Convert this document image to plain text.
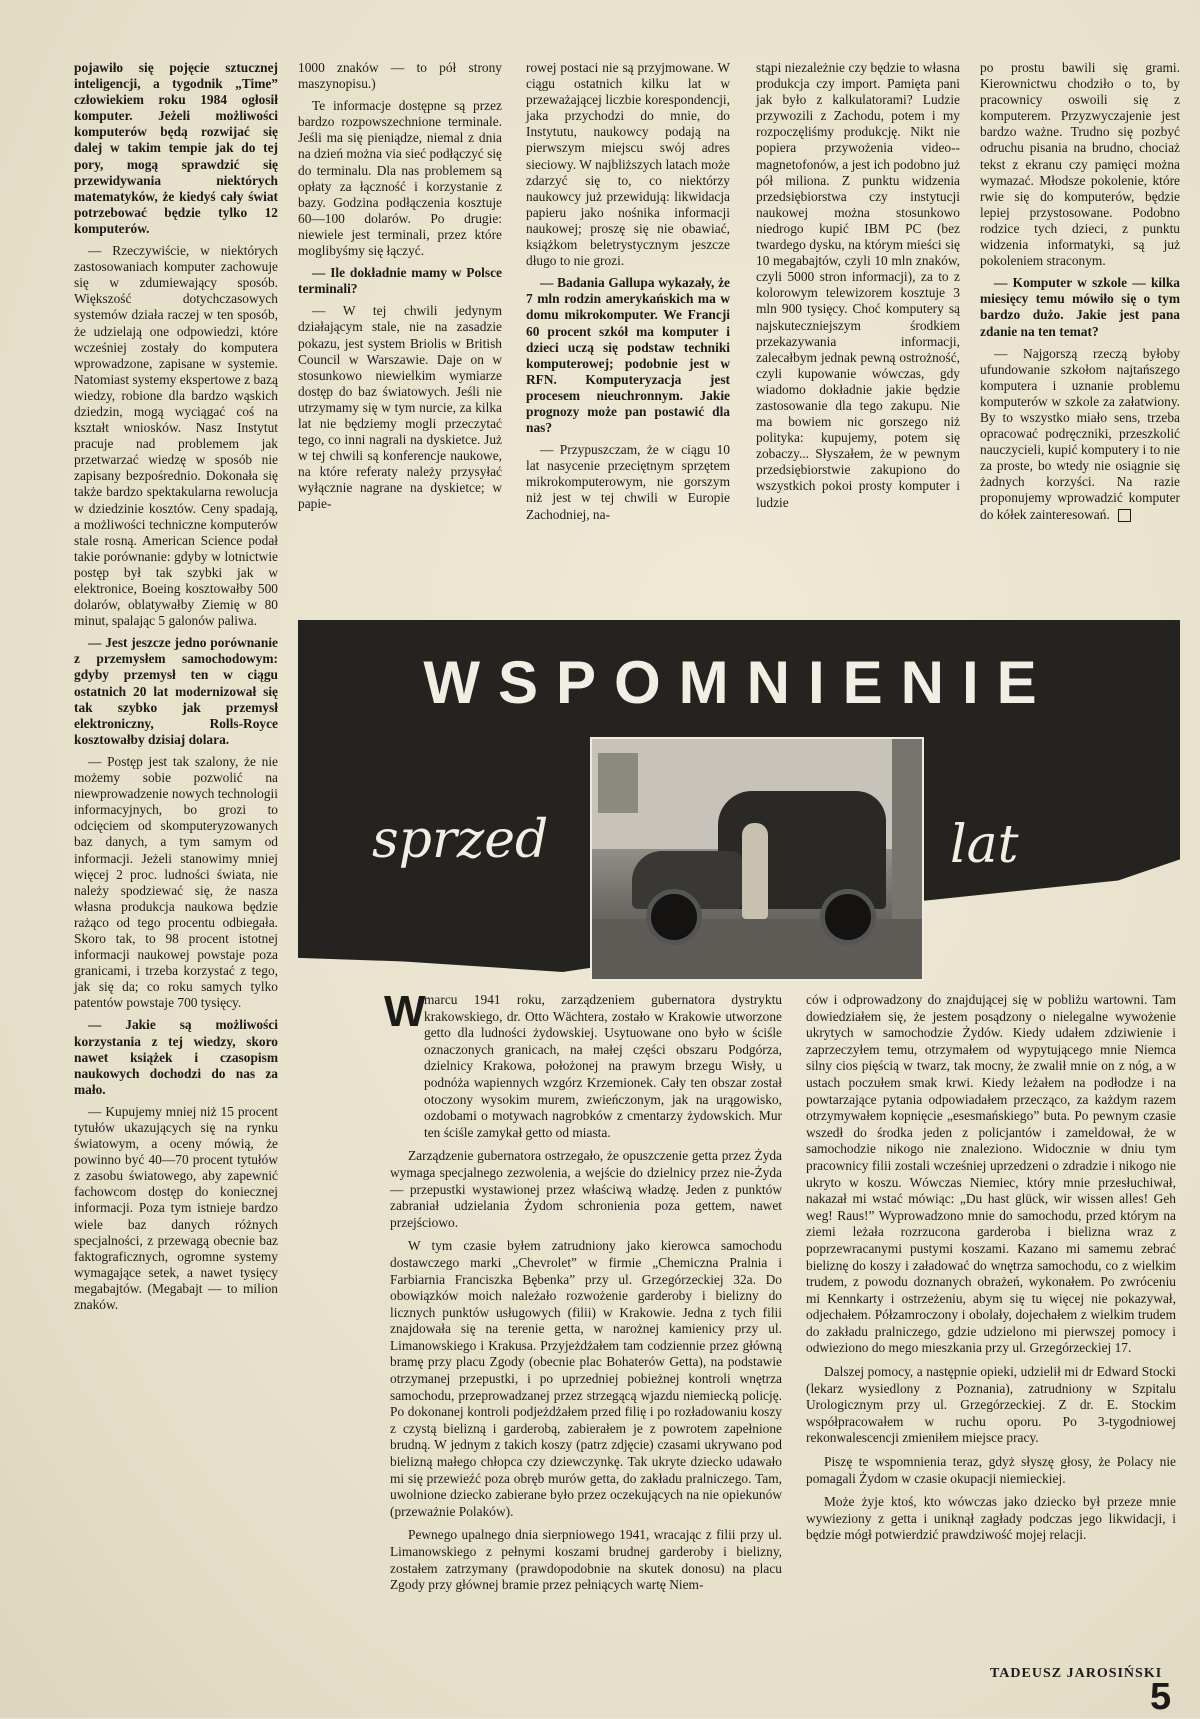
pojawiło się pojęcie sztucznej inteligencji, a tygodnik „Time” człowiekiem roku 1984 ogłosił komputer. Jeżeli możliwości komputerów będą rozwijać się dalej w takim tempie jak do tej pory, mogą sprawdzić się przewidywania niektórych matematyków, że kiedyś cały świat potrzebować będzie tylko 12 komputerów.

— Rzeczywiście, w niektórych zastosowaniach komputer zachowuje się w zdumiewający sposób. Większość dotychczasowych systemów działa raczej w ten sposób, że udzielają one odpowiedzi, które wcześniej zostały do komputera wprowadzone, zapisane w systemie. Natomiast systemy ekspertowe z bazą wiedzy, robione dla bardzo wąskich dziedzin, mogą wyciągać coś na kształt wniosków. Nasz Instytut pracuje nad problemem jak przetwarzać wiedzę w sposób nie zapisany bezpośrednio. Dokonała się także bardzo spektakularna rewolucja w dziedzinie kosztów. Ceny spadają, a możliwości techniczne komputerów stale rosną. American Science podał takie porównanie: gdyby w lotnictwie postęp był tak szybki jak w elektronice, Boeing kosztowałby 500 dolarów, oblatywałby Ziemię w 80 minut, spalając 5 galonów paliwa.

— Jest jeszcze jedno porównanie z przemysłem samochodowym: gdyby przemysł ten w ciągu ostatnich 20 lat modernizował się tak szybko jak przemysł elektroniczny, Rolls-Royce kosztowałby dzisiaj dolara.

— Postęp jest tak szalony, że nie możemy sobie pozwolić na niewprowadzenie nowych technologii informacyjnych, bo grozi to odcięciem od skomputeryzowanych baz danych, a tym samym od informacji. Jeżeli stanowimy mniej więcej 2 proc. ludności świata, nie należy spodziewać się, że nasza własna produkcja naukowa będzie rażąco od tego procentu odbiegała. Skoro tak, to 98 procent istotnej informacji naukowej powstaje poza granicami, i trzeba korzystać z tego, jak się da; co roku samych tylko patentów powstaje 700 tysięcy.

— Jakie są możliwości korzystania z tej wiedzy, skoro nawet książek i czasopism naukowych dochodzi do nas za mało.

— Kupujemy mniej niż 15 procent tytułów ukazujących się na rynku światowym, a oceny mówią, że powinno być 40—70 procent tytułów z zasobu światowego, aby zapewnić fachowcom dostęp do koniecznej informacji. Poza tym istnieje bardzo wiele baz danych różnych specjalności, z przewagą obecnie baz faktograficznych, ogromne systemy wymagające setek, a nawet tysięcy megabajtów. (Megabajt — to milion znaków.

1000 znaków — to pół strony maszynopisu.)

Te informacje dostępne są przez bardzo rozpowszechnione terminale. Jeśli ma się pieniądze, niemal z dnia na dzień można via sieć podłączyć się do terminalu. Dla nas problemem są opłaty za łączność i korzystanie z bazy. Godzina podłączenia kosztuje 60—100 dolarów. Po drugie: niewiele jest terminali, przez które moglibyśmy się łączyć.

— Ile dokładnie mamy w Polsce terminali?

— W tej chwili jedynym działającym stale, nie na zasadzie pokazu, jest system Briolis w British Council w Warszawie. Daje on w stosunkowo niewielkim wymiarze dostęp do baz światowych. Jeśli nie utrzymamy się w tym nurcie, za kilka lat nie będziemy mogli przeczytać tego, co inni nagrali na dyskietce. Już w tej chwili są konferencje naukowe, na które referaty należy przysyłać wyłącznie nagrane na dyskietce; w papie-

rowej postaci nie są przyjmowane. W ciągu ostatnich kilku lat w przeważającej liczbie korespondencji, jaka przychodzi do mnie, do Instytutu, naukowcy podają na pierwszym miejscu swój adres sieciowy. W najbliższych latach może zdarzyć się to, co niektórzy naukowcy już przewidują: likwidacja papieru jako nośnika informacji naukowej; proszę się nie obawiać, książkom beletrystycznym jeszcze długo to nie grozi.

— Badania Gallupa wykazały, że 7 mln rodzin amerykańskich ma w domu mikrokomputer. We Francji 60 procent szkół ma komputer i dzieci uczą się podstaw techniki komputerowej; podobnie jest w RFN. Komputeryzacja jest procesem nieuchronnym. Jakie prognozy może pan postawić dla nas?

— Przypuszczam, że w ciągu 10 lat nasycenie przeciętnym sprzętem mikrokomputerowym, nie gorszym niż jest w tej chwili w Europie Zachodniej, na-

stąpi niezależnie czy będzie to własna produkcja czy import. Pamięta pani jak było z kalkulatorami? Ludzie przywozili z Zachodu, potem i my rozpoczęliśmy produkcję. Nikt nie popiera przywożenia video--magnetofonów, a jest ich podobno już pół miliona. Z punktu widzenia przedsiębiorstwa czy instytucji naukowej można stosunkowo niedrogo kupić IBM PC (bez twardego dysku, na którym mieści się 10 megabajtów, czyli 10 mln znaków, czyli 5000 stron informacji), za to z kolorowym telewizorem kosztuje 3 mln 900 tysięcy. Choć komputery są najskuteczniejszym środkiem przekazywania informacji, zalecałbym jednak pewną ostrożność, czyli kupowanie wówczas, gdy wiadomo dokładnie jakie będzie zastosowanie dla tego zakupu. Nie ma bowiem nic gorszego niż polityka: kupujemy, potem się zobaczy... Słyszałem, że w pewnym przedsiębiorstwie zakupiono do wszystkich pokoi prosty komputer i ludzie

po prostu bawili się grami. Kierownictwu chodziło o to, by pracownicy oswoili się z komputerem. Przyzwyczajenie jest bardzo ważne. Trudno się pozbyć odruchu pisania na brudno, chociaż tekst z ekranu czy pamięci można wymazać. Młodsze pokolenie, które rwie się do komputerów, będzie lepiej przystosowane. Podobno rodzice tych dzieci, z punktu widzenia informatyki, są już pokoleniem straconym.

— Komputer w szkole — kilka miesięcy temu mówiło się o tym bardzo dużo. Jakie jest pana zdanie na ten temat?

— Najgorszą rzeczą byłoby ufundowanie szkołom najtańszego komputera i uznanie problemu komputerów w szkole za załatwiony. By to wszystko miało sens, trzeba opracować podręczniki, przeszkolić nauczycieli, kupić komputery i to nie za proste, bo wtedy nie osiągnie się żadnych korzyści. Na razie proponujemy wprowadzić komputer do kółek zainteresowań.

WSPOMNIENIE
sprzed	lat
W

marcu 1941 roku, zarządzeniem gubernatora dystryktu krakowskiego, dr. Otto Wächtera, zostało w Krakowie utworzone getto dla ludności żydowskiej. Usytuowane ono było w ściśle oznaczonych granicach, na małej części obszaru Podgórza, dzielnicy Krakowa, położonej na prawym brzegu Wisły, u podnóża wapiennych wzgórz Krzemionek. Cały ten obszar został otoczony wysokim murem, zwieńczonym, jak na urągowisko, ozdobami o motywach nagrobków z cmentarzy żydowskich. Mur ten ściśle zamykał getto od miasta.

Zarządzenie gubernatora ostrzegało, że opuszczenie getta przez Żyda wymaga specjalnego zezwolenia, a wejście do dzielnicy przez nie-Żyda — przepustki wystawionej przez właściwą władzę. Jeden z punktów zabraniał udzielania Żydom schronienia poza gettem, nawet przejściowo.

W tym czasie byłem zatrudniony jako kierowca samochodu dostawczego marki „Chevrolet” w firmie „Chemiczna Pralnia i Farbiarnia Franciszka Bębenka” przy ul. Grzegórzeckiej 32a. Do obowiązków moich należało rozwożenie garderoby i bielizny do licznych punktów usługowych (filii) w Krakowie. Jedna z tych filii znajdowała się na terenie getta, w narożnej kamienicy przy ul. Limanowskiego i Krakusa. Przyjeżdżałem tam codziennie przez główną bramę przy placu Zgody (obecnie plac Bohaterów Getta), na podstawie otrzymanej przepustki, i po uprzedniej pobieżnej kontroli wnętrza samochodu, przeprowadzanej przez strzegącą wjazdu niemiecką policję. Po dokonanej kontroli podjeżdżałem przed filię i po rozładowaniu koszy z czystą bielizną i garderobą, zabierałem je z powrotem zapełnione brudną. W jednym z takich koszy (patrz zdjęcie) czasami ukrywano pod bielizną małego chłopca czy dziewczynkę. Tak ukryte dziecko udawało mi się przewieźć poza obręb murów getta, do zakładu pralniczego. Tam, uwolnione dziecko zabierane było przez oczekujących na nie opiekunów (przeważnie Polaków).

Pewnego upalnego dnia sierpniowego 1941, wracając z filii przy ul. Limanowskiego z pełnymi koszami brudnej garderoby i bielizny, zostałem zatrzymany (prawdopodobnie na skutek donosu) na placu Zgody przy głównej bramie przez pełniących wartę Niem-

ców i odprowadzony do znajdującej się w pobliżu wartowni. Tam dowiedziałem się, że jestem posądzony o nielegalne wywożenie ukrytych w samochodzie Żydów. Kiedy udałem zdziwienie i zaprzeczyłem temu, otrzymałem od wypytującego mnie Niemca silny cios pięścią w twarz, tak mocny, że zwalił mnie on z nóg, a w ustach poczułem smak krwi. Kiedy leżałem na podłodze i na powtarzające pytania odpowiadałem przecząco, za każdym razem otrzymywałem kopnięcie „esesmańskiego” buta. Po pewnym czasie wszedł do środka jeden z policjantów i zameldował, że w samochodzie nikogo nie znaleziono. Widocznie w dniu tym pracownicy filii zostali wcześniej uprzedzeni o zdradzie i nikogo nie ukryto w koszu. Wówczas Niemiec, który mnie przesłuchiwał, nakazał mi wstać mówiąc: „Du hast glück, wir wissen alles! Geh weg! Raus!” Wyprowadzono mnie do samochodu, przed którym na ziemi leżała rozrzucona garderoba i bielizna wraz z poprzewracanymi pustymi koszami. Kazano mi samemu zebrać bieliznę do koszy i załadować do wnętrza samochodu, co z wielkim trudem, z powodu doznanych obrażeń, wykonałem. Po zwróceniu mi Kennkarty i ostrzeżeniu, abym się tu więcej nie pokazywał, odjechałem. Półzamroczony i obolały, dojechałem z wielkim trudem do zakładu pralniczego, gdzie udzielono mi pierwszej pomocy i odwieziono do mego mieszkania przy ul. Grzegórzeckiej 17.

Dalszej pomocy, a następnie opieki, udzielił mi dr Edward Stocki (lekarz wysiedlony z Poznania), zatrudniony w Szpitalu Urologicznym przy ul. Grzegórzeckiej. Z dr. E. Stockim współpracowałem w ruchu oporu. Po 3-tygodniowej rekonwalescencji zmieniłem miejsce pracy.

Piszę te wspomnienia teraz, gdyż słyszę głosy, że Polacy nie pomagali Żydom w czasie okupacji niemieckiej.

Może żyje ktoś, kto wówczas jako dziecko był przeze mnie wywieziony z getta i uniknął zagłady podczas jego likwidacji, i będzie mógł potwierdzić prawdziwość mojej relacji.

TADEUSZ JAROSIŃSKI
5
